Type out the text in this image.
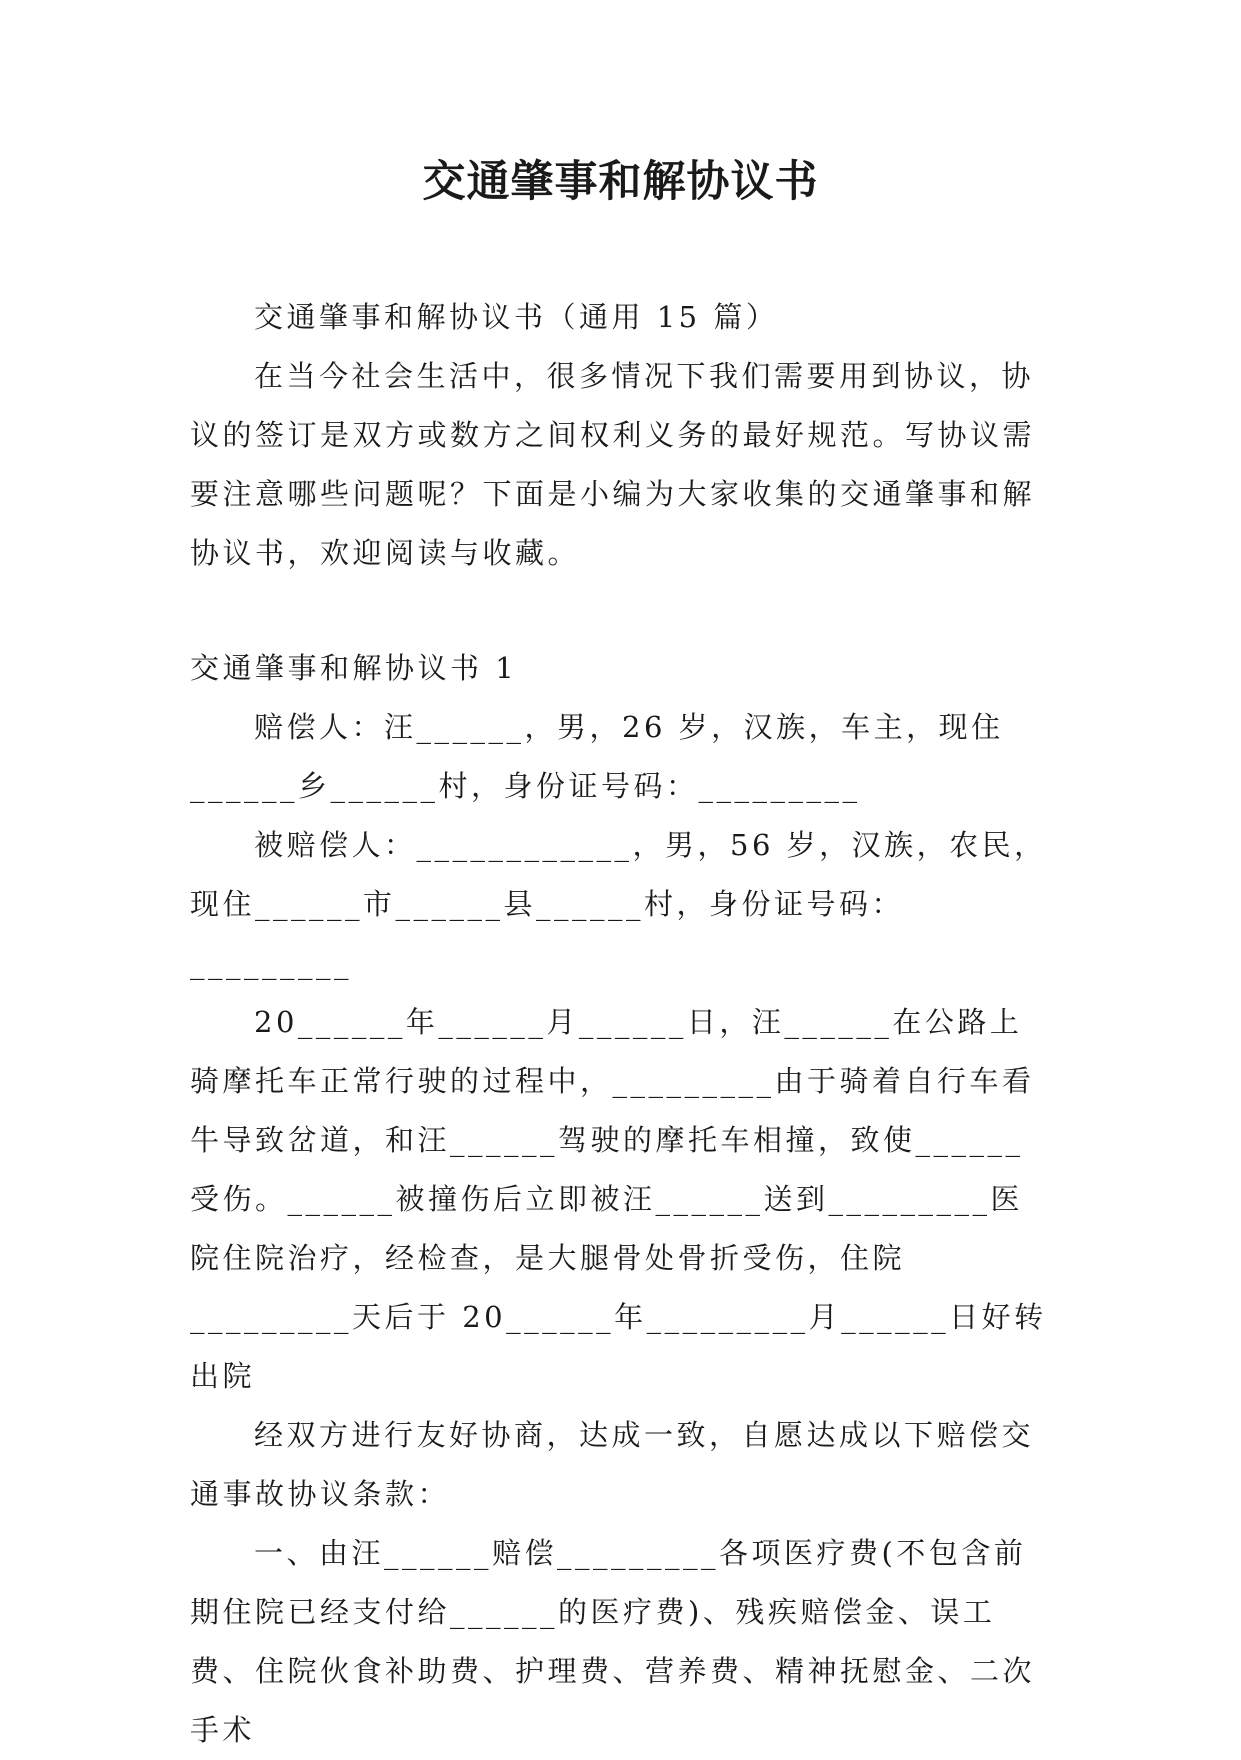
交通肇事和解协议书

交通肇事和解协议书（通用 15 篇）

在当今社会生活中，很多情况下我们需要用到协议，协议的签订是双方或数方之间权利义务的最好规范。写协议需要注意哪些问题呢？下面是小编为大家收集的交通肇事和解协议书，欢迎阅读与收藏。

交通肇事和解协议书 1

赔偿人：汪______，男，26 岁，汉族，车主，现住______乡______村，身份证号码：_________

被赔偿人：____________，男，56 岁，汉族，农民，现住______市______县______村，身份证号码：_________

20______年______月______日，汪______在公路上骑摩托车正常行驶的过程中，_________由于骑着自行车看牛导致岔道，和汪______驾驶的摩托车相撞，致使______受伤。______被撞伤后立即被汪______送到_________医院住院治疗，经检查，是大腿骨处骨折受伤，住院_________天后于 20______年_________月______日好转出院

经双方进行友好协商，达成一致，自愿达成以下赔偿交通事故协议条款：

一、由汪______赔偿_________各项医疗费(不包含前期住院已经支付给______的医疗费)、残疾赔偿金、误工费、住院伙食补助费、护理费、营养费、精神抚慰金、二次手术
